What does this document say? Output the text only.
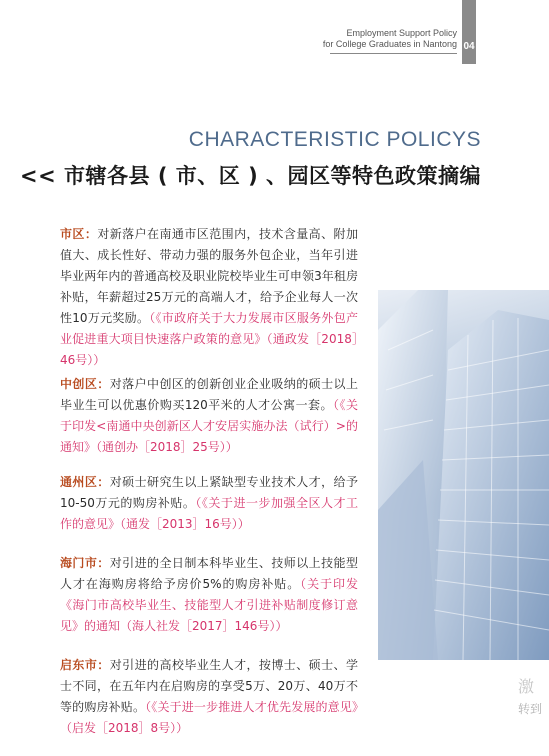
Employment Support Policy
for College Graduates in Nantong 04
CHARACTERISTIC POLICYS
<< 市辖各县 ( 市、区 ) 、园区等特色政策摘编
市区：对新落户在南通市区范围内，技术含量高、附加值大、成长性好、带动力强的服务外包企业，当年引进毕业两年内的普通高校及职业院校毕业生可申领3年租房补贴，年薪超过25万元的高端人才，给予企业每人一次性10万元奖励。（《市政府关于大力发展市区服务外包产业促进重大项目快速落户政策的意见》（通政发［2018］46号））
中创区：对落户中创区的创新创业企业吸纳的硕士以上毕业生可以优惠价购买120平米的人才公寓一套。（《关于印发<南通中央创新区人才安居实施办法（试行）>的通知》（通创办［2018］25号））
通州区：对硕士研究生以上紧缺型专业技术人才，给予10-50万元的购房补贴。（《关于进一步加强全区人才工作的意见》（通发［2013］16号））
海门市：对引进的全日制本科毕业生、技师以上技能型人才在海购房将给予房价5%的购房补贴。（关于印发《海门市高校毕业生、技能型人才引进补贴制度修订意见》的通知（海人社发［2017］146号））
启东市：对引进的高校毕业生人才，按博士、硕士、学士不同，在五年内在启购房的享受5万、20万、40万不等的购房补贴。（《关于进一步推进人才优先发展的意见》（启发［2018］8号））
激
转到
